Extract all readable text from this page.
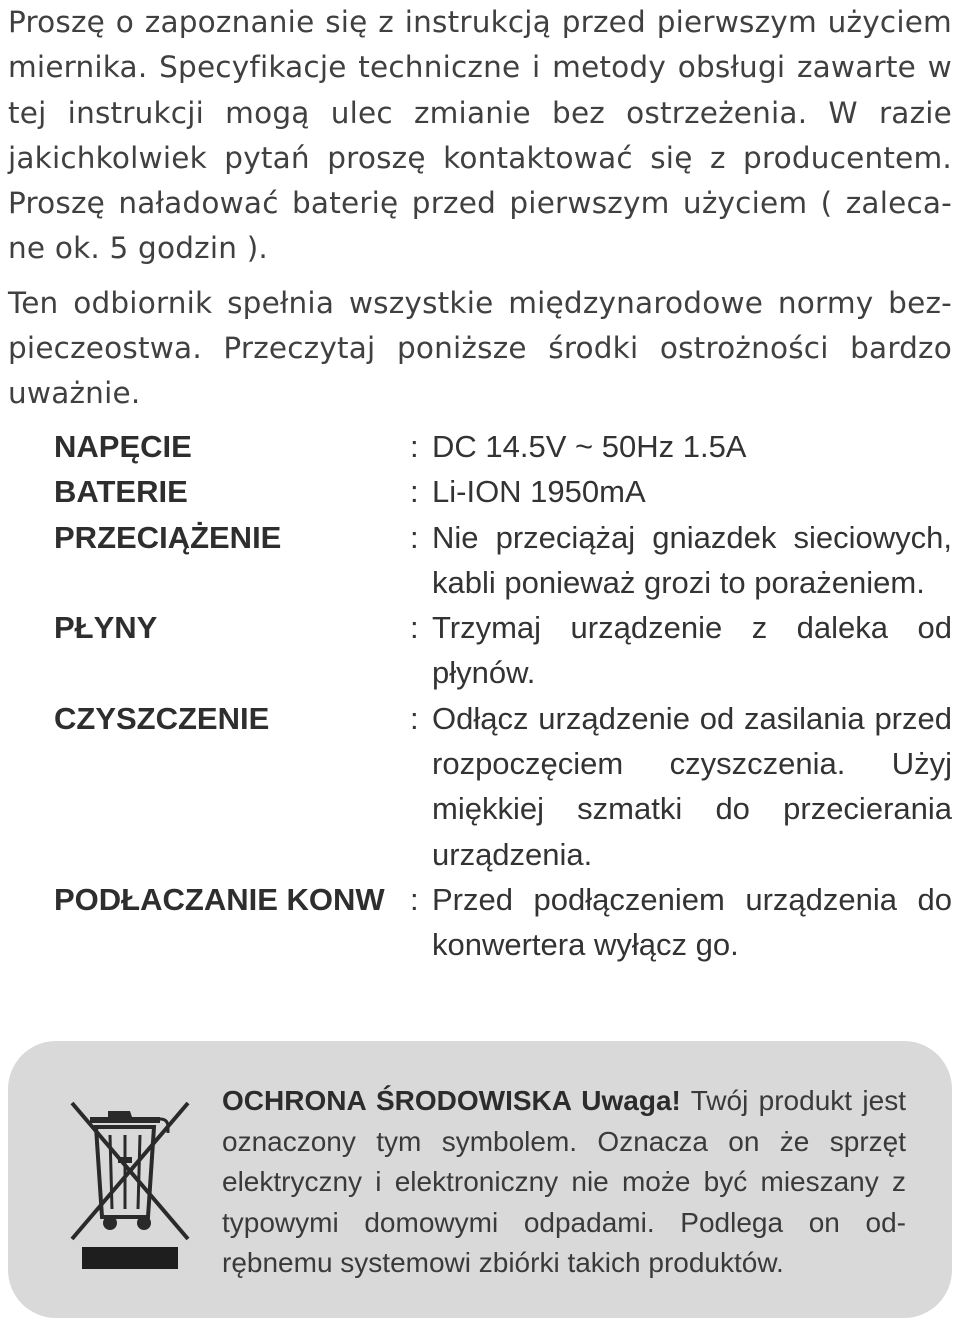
Proszę o zapoznanie się z instrukcją przed pierwszym użyciem miernika. Specyfikacje techniczne i metody obsługi zawarte w tej instrukcji mogą ulec zmianie bez ostrzeżenia. W razie jakichkolwiek pytań proszę kontaktować się z producentem. Proszę naładować baterię przed pierwszym użyciem ( zaleca-ne ok. 5 godzin ).

Ten odbiornik spełnia wszystkie międzynarodowe normy bez-pieczeostwa. Przeczytaj poniższe środki ostrożności bardzo uważnie.

NAPĘCIE	: DC 14.5V ~ 50Hz 1.5A
BATERIE	: Li-ION 1950mA
PRZECIĄŻENIE	: Nie przeciążaj gniazdek sieciowych, kabli ponieważ grozi to porażeniem.
PŁYNY	: Trzymaj urządzenie z daleka od płynów.
CZYSZCZENIE	: Odłącz urządzenie od zasilania przed rozpoczęciem czyszczenia. Użyj miękkiej szmatki do przecierania urządzenia.
PODŁACZANIE KONW : Przed podłączeniem urządzenia do konwertera wyłącz go.

OCHRONA ŚRODOWISKA Uwaga! Twój produkt jest oznaczony tym symbolem. Oznacza on że sprzęt elektryczny i elektroniczny nie może być mieszany z typowymi domowymi odpadami. Podlega on od-rębnemu systemowi zbiórki takich produktów.
